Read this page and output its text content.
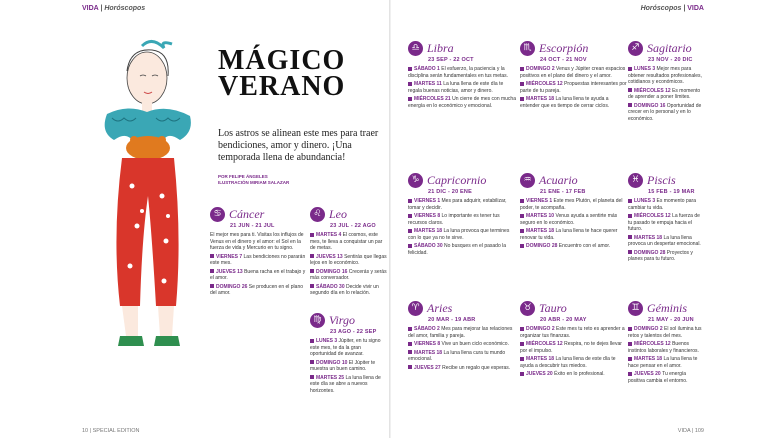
VIDA | Horóscopos	Horóscopos | VIDA
MÁGICO
VERANO
Los astros se alinean este mes para traer bendiciones, amor y dinero. ¡Una temporada llena de abundancia!
POR FELIPE ÁNGELES
ILUSTRACIÓN MIRIAM SALAZAR
♎ Libra
23 SEP - 22 OCT

SÁBADO 1 El esfuerzo, la paciencia y la disciplina serán fundamentales en tus metas.

MARTES 11 La luna llena de este día te regala buenas noticias, amor y dinero.

MIÉRCOLES 21 Un cierre de mes con mucha energía en lo económico y emocional.

♏ Escorpión
24 OCT - 21 NOV

DOMINGO 2 Venus y Júpiter crean espacios positivos en el plano del dinero y el amor.

MIÉRCOLES 12 Propuestas interesantes por parte de tu pareja.

MARTES 18 La luna llena te ayuda a entender que es tiempo de cerrar ciclos.

♐ Sagitario
23 NOV - 20 DIC

LUNES 3 Mejor mes para obtener resultados profesionales, cotidianos y económicos.

MIÉRCOLES 12 Es momento de aprender a poner límites.

DOMINGO 16 Oportunidad de crecer en lo personal y en lo económico.

♋ Cáncer
21 JUN - 21 JUL

El mejor mes para ti. Visitas los influjos de Venus en el dinero y el amor: el Sol en la fuerza de vida y Mercurio en tu signo.

VIERNES 7 Las bendiciones no pararán este mes.

JUEVES 13 Buena racha en el trabajo y el amor.

DOMINGO 26 Se producen en el plano del amor.

♌ Leo
23 JUL - 22 AGO

MARTES 4 El cosmos, este mes, te lleva a conquistar un par de metas.

JUEVES 13 Sentirás que llegas lejos en lo económico.

DOMINGO 16 Crecerás y serás más conversador.

SÁBADO 30 Decide vivir un segundo día en lo relación.

♍ Virgo
23 AGO - 22 SEP

LUNES 3 Júpiter, en tu signo este mes, te da la gran oportunidad de avanzar.

DOMINGO 10 El Júpiter te muestra un buen camino.

MARTES 25 La luna llena de este día se abre a nuevos horizontes.

♑ Capricornio
21 DIC - 20 ENE

VIERNES 1 Mes para adquirir, estabilizar, tomar y decidir.

VIERNES 8 Lo importante es tener tus recursos claros.

MARTES 18 La luna provoca que termines con lo que ya no te sirve.

SÁBADO 30 No busques en el pasado la felicidad.

♒ Acuario
21 ENE - 17 FEB

VIERNES 1 Este mes Plutón, el planeta del poder, te acompaña.

MARTES 10 Venus ayuda a sentirte más seguro en lo económico.

MARTES 18 La luna llena te hace querer renovar tu vida.

DOMINGO 28 Encuentro con el amor.

♓ Piscis
15 FEB - 19 MAR

LUNES 3 Es momento para cambiar tu vida.

MIÉRCOLES 12 La fuerza de tu pasado te empuja hacia el futuro.

MARTES 18 La luna llena provoca un despertar emocional.

DOMINGO 28 Proyectos y planes para tu futuro.

♈ Aries
20 MAR - 19 ABR

SÁBADO 2 Mes para mejorar las relaciones del amor, familia y pareja.

VIERNES 8 Vive un buen ciclo económico.

MARTES 18 La luna llena cura tu mundo emocional.

JUEVES 27 Recibe un regalo que esperas.

♉ Tauro
20 ABR - 20 MAY

DOMINGO 2 Este mes tu reto es aprender a organizar tus finanzas.

MIÉRCOLES 12 Respira, no te dejes llevar por el impulso.

MARTES 18 La luna llena de este día te ayuda a descubrir tus miedos.

JUEVES 20 Éxito en lo profesional.

♊ Géminis
21 MAY - 20 JUN

DOMINGO 2 El sol ilumina tus retos y talentos del mes.

MIÉRCOLES 12 Buenos instintos laborales y financieros.

MARTES 18 La luna llena te hace pensar en el amor.

JUEVES 20 Tu energía positiva cambia el entorno.

10 | SPECIAL EDITION	VIDA | 109
